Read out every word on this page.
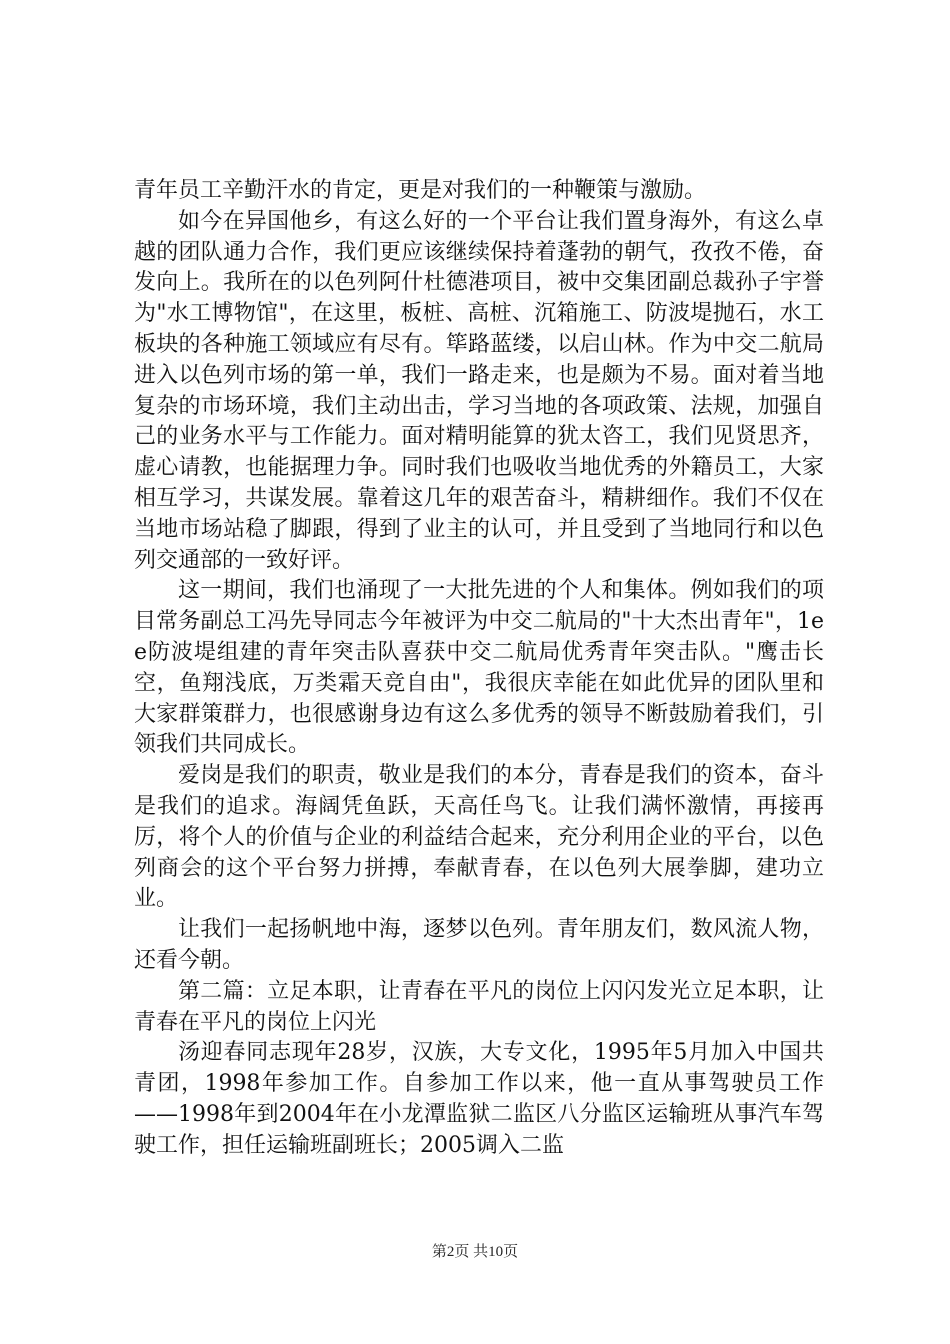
青年员工辛勤汗水的肯定，更是对我们的一种鞭策与激励。

如今在异国他乡，有这么好的一个平台让我们置身海外，有这么卓越的团队通力合作，我们更应该继续保持着蓬勃的朝气，孜孜不倦，奋发向上。我所在的以色列阿什杜德港项目，被中交集团副总裁孙子宇誉为"水工博物馆"，在这里，板桩、高桩、沉箱施工、防波堤抛石，水工板块的各种施工领域应有尽有。筚路蓝缕，以启山林。作为中交二航局进入以色列市场的第一单，我们一路走来，也是颇为不易。面对着当地复杂的市场环境，我们主动出击，学习当地的各项政策、法规，加强自己的业务水平与工作能力。面对精明能算的犹太咨工，我们见贤思齐，虚心请教，也能据理力争。同时我们也吸收当地优秀的外籍员工，大家相互学习，共谋发展。靠着这几年的艰苦奋斗，精耕细作。我们不仅在当地市场站稳了脚跟，得到了业主的认可，并且受到了当地同行和以色列交通部的一致好评。

这一期间，我们也涌现了一大批先进的个人和集体。例如我们的项目常务副总工冯先导同志今年被评为中交二航局的"十大杰出青年"，1ee防波堤组建的青年突击队喜获中交二航局优秀青年突击队。"鹰击长空，鱼翔浅底，万类霜天竞自由"，我很庆幸能在如此优异的团队里和大家群策群力，也很感谢身边有这么多优秀的领导不断鼓励着我们，引领我们共同成长。

爱岗是我们的职责，敬业是我们的本分，青春是我们的资本，奋斗是我们的追求。海阔凭鱼跃，天高任鸟飞。让我们满怀激情，再接再厉，将个人的价值与企业的利益结合起来，充分利用企业的平台，以色列商会的这个平台努力拼搏，奉献青春，在以色列大展拳脚，建功立业。

让我们一起扬帆地中海，逐梦以色列。青年朋友们，数风流人物，还看今朝。

第二篇：立足本职，让青春在平凡的岗位上闪闪发光立足本职，让青春在平凡的岗位上闪光

汤迎春同志现年28岁，汉族，大专文化，1995年5月加入中国共青团，1998年参加工作。自参加工作以来，他一直从事驾驶员工作——1998年到2004年在小龙潭监狱二监区八分监区运输班从事汽车驾驶工作，担任运输班副班长；2005调入二监

第2页 共10页
